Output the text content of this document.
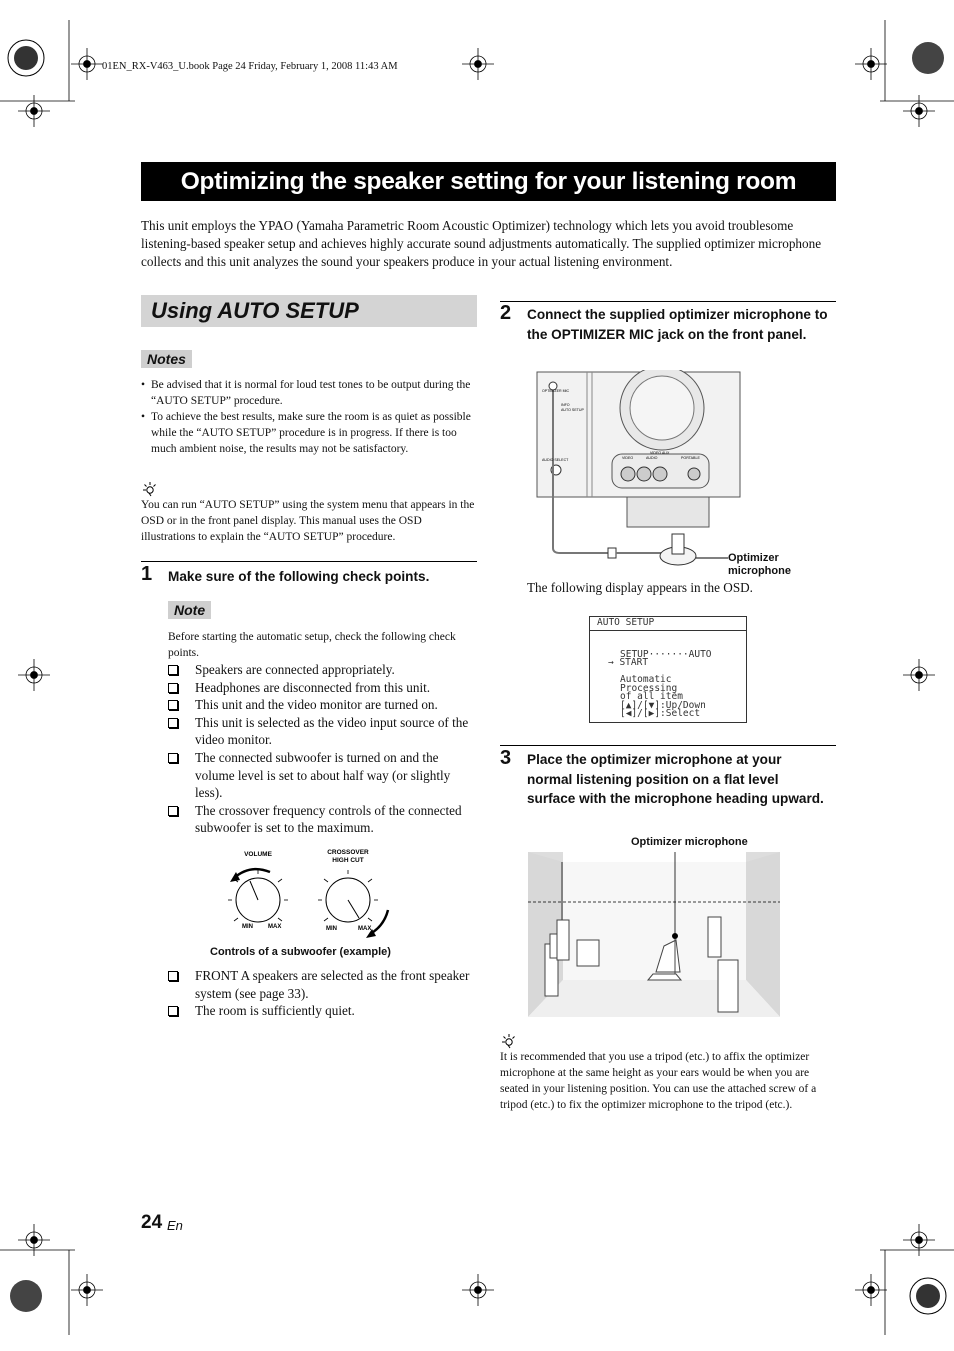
01EN_RX-V463_U.book Page 24 Friday, February 1, 2008 11:43 AM
Optimizing the speaker setting for your listening room
This unit employs the YPAO (Yamaha Parametric Room Acoustic Optimizer) technology which lets you avoid troublesome listening-based speaker setup and achieves highly accurate sound adjustments automatically. The supplied optimizer microphone collects and this unit analyzes the sound your speakers produce in your actual listening environment.
Using AUTO SETUP
Notes
• Be advised that it is normal for loud test tones to be output during the “AUTO SETUP” procedure.
• To achieve the best results, make sure the room is as quiet as possible while the “AUTO SETUP” procedure is in progress. If there is too much ambient noise, the results may not be satisfactory.
You can run “AUTO SETUP” using the system menu that appears in the OSD or in the front panel display. This manual uses the OSD illustrations to explain the “AUTO SETUP” procedure.
1 Make sure of the following check points.
Note
Before starting the automatic setup, check the following check points.
Speakers are connected appropriately.
Headphones are disconnected from this unit.
This unit and the video monitor are turned on.
This unit is selected as the video input source of the video monitor.
The connected subwoofer is turned on and the volume level is set to about half way (or slightly less).
The crossover frequency controls of the connected subwoofer is set to the maximum.
VOLUME	CROSSOVER
HIGH CUT
MIN	MAX	MIN	MAX
Controls of a subwoofer (example)
FRONT A speakers are selected as the front speaker system (see page 33).
The room is sufficiently quiet.
2 Connect the supplied optimizer microphone to the OPTIMIZER MIC jack on the front panel.
OPTIMIZER MIC
INFO
AUTO SETUP
AUDIO SELECT
VIDEO AUX
VIDEO	AUDIO	PORTABLE
Optimizer
microphone
The following display appears in the OSD.
AUTO SETUP
SETUP·······AUTO
→ START
Automatic
Processing
of all item
[▲]/[▼]:Up/Down
[◀]/[▶]:Select
3 Place the optimizer microphone at your normal listening position on a flat level surface with the microphone heading upward.
Optimizer microphone
It is recommended that you use a tripod (etc.) to affix the optimizer microphone at the same height as your ears would be when you are seated in your listening position. You can use the attached screw of a tripod (etc.) to fix the optimizer microphone to the tripod (etc.).
24 En
